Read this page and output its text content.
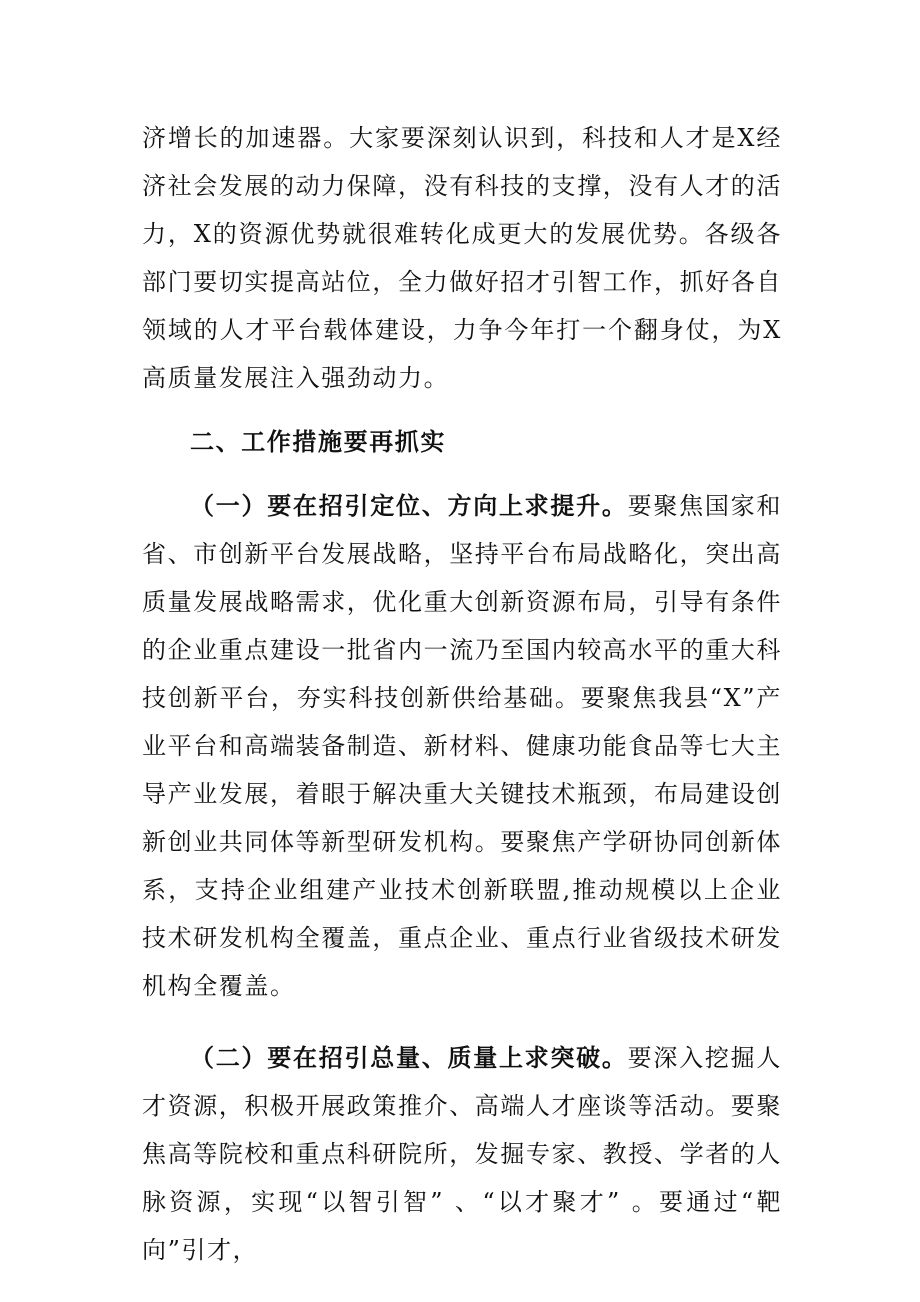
济增长的加速器。大家要深刻认识到，科技和人才是X经济社会发展的动力保障，没有科技的支撑，没有人才的活力，X的资源优势就很难转化成更大的发展优势。各级各部门要切实提高站位，全力做好招才引智工作，抓好各自领域的人才平台载体建设，力争今年打一个翻身仗，为X高质量发展注入强劲动力。

二、工作措施要再抓实

（一）要在招引定位、方向上求提升。要聚焦国家和省、市创新平台发展战略，坚持平台布局战略化，突出高质量发展战略需求，优化重大创新资源布局，引导有条件的企业重点建设一批省内一流乃至国内较高水平的重大科技创新平台，夯实科技创新供给基础。要聚焦我县“X”产业平台和高端装备制造、新材料、健康功能食品等七大主导产业发展，着眼于解决重大关键技术瓶颈，布局建设创新创业共同体等新型研发机构。要聚焦产学研协同创新体系，支持企业组建产业技术创新联盟,推动规模以上企业技术研发机构全覆盖，重点企业、重点行业省级技术研发机构全覆盖。

（二）要在招引总量、质量上求突破。要深入挖掘人才资源，积极开展政策推介、高端人才座谈等活动。要聚焦高等院校和重点科研院所，发掘专家、教授、学者的人脉资源，实现“以智引智” 、“以才聚才” 。要通过“靶向”引才，
